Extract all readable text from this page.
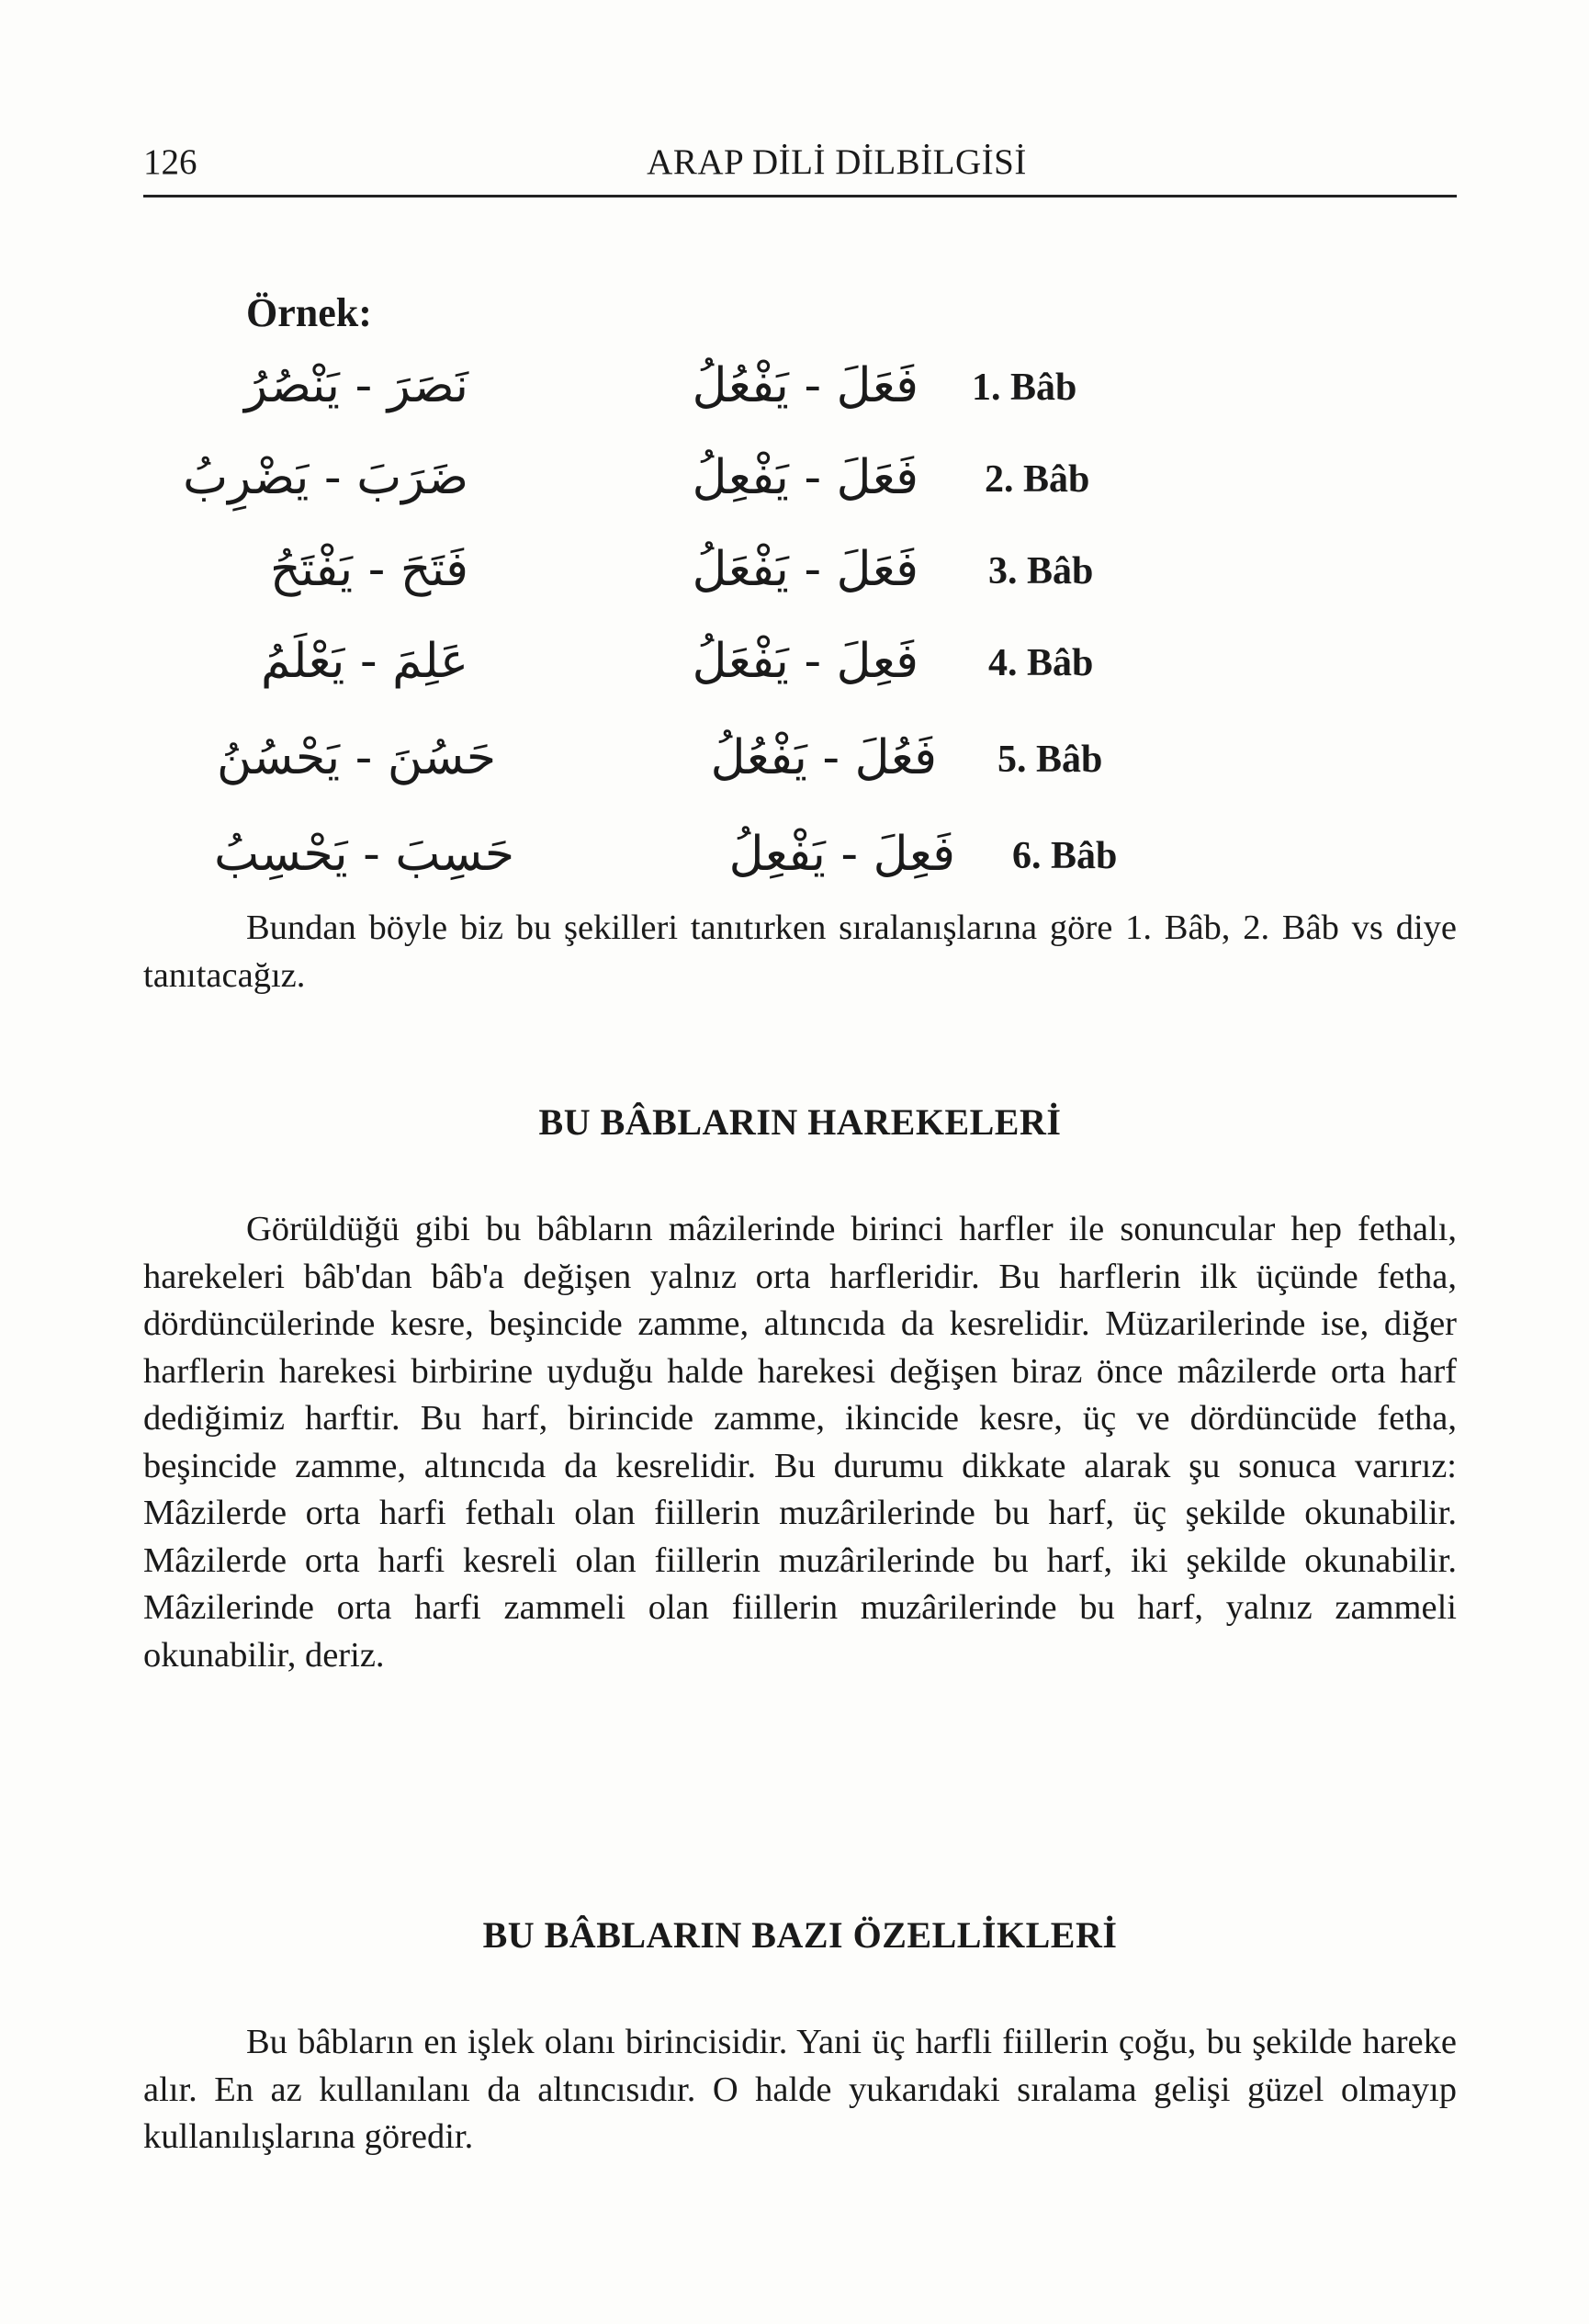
126	ARAP DİLİ DİLBİLGİSİ
Örnek:
نَصَرَ - يَنْصُرُ	فَعَلَ - يَفْعُلُ 1. Bâb
ضَرَبَ - يَضْرِبُ	فَعَلَ - يَفْعِلُ 2. Bâb
فَتَحَ - يَفْتَحُ	فَعَلَ - يَفْعَلُ 3. Bâb
عَلِمَ - يَعْلَمُ	فَعِلَ - يَفْعَلُ 4. Bâb
حَسُنَ - يَحْسُنُ	فَعُلَ - يَفْعُلُ 5. Bâb
حَسِبَ - يَحْسِبُ	فَعِلَ - يَفْعِلُ 6. Bâb
Bundan böyle biz bu şekilleri tanıtırken sıralanışlarına göre 1. Bâb, 2. Bâb vs diye tanıtacağız.
BU BÂBLARIN HAREKELERİ
Görüldüğü gibi bu bâbların mâzilerinde birinci harfler ile sonuncular hep fethalı, harekeleri bâb'dan bâb'a değişen yalnız orta harfleridir. Bu harflerin ilk üçünde fetha, dördüncülerinde kesre, beşincide zamme, altıncıda da kesrelidir. Müzarilerinde ise, diğer harflerin harekesi birbirine uyduğu halde harekesi değişen biraz önce mâzilerde orta harf dediğimiz harftir. Bu harf, birincide zamme, ikincide kesre, üç ve dördüncüde fetha, beşincide zamme, altıncıda da kesrelidir. Bu durumu dikkate alarak şu sonuca varırız: Mâzilerde orta harfi fethalı olan fiillerin muzârilerinde bu harf, üç şekilde okunabilir. Mâzilerde orta harfi kesreli olan fiillerin muzârilerinde bu harf, iki şekilde okunabilir. Mâzilerinde orta harfi zammeli olan fiillerin muzârilerinde bu harf, yalnız zammeli okunabilir, deriz.
BU BÂBLARIN BAZI ÖZELLİKLERİ
Bu bâbların en işlek olanı birincisidir. Yani üç harfli fiillerin çoğu, bu şekilde hareke alır. En az kullanılanı da altıncısıdır. O halde yukarıdaki sıralama gelişi güzel olmayıp kullanılışlarına göredir.
